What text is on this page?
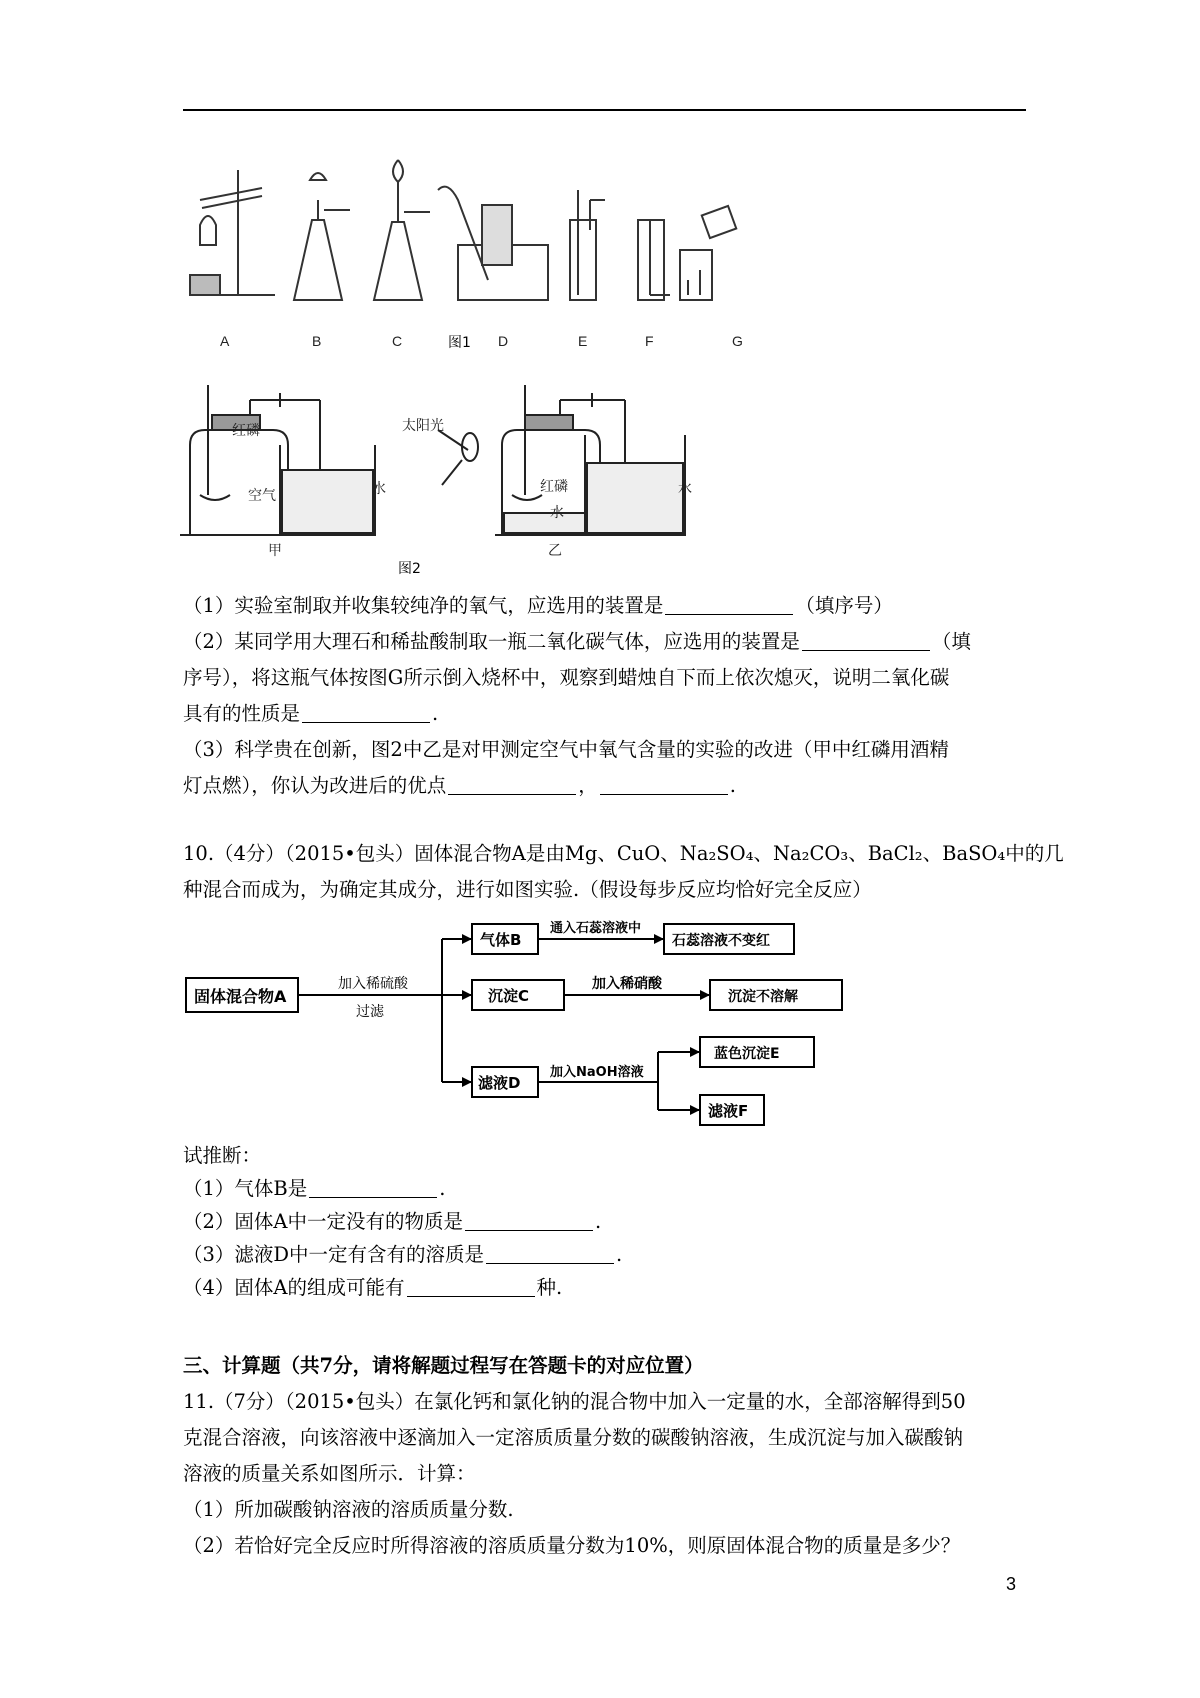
A	B	C	D	E	F	G
图1
红磷
空气	水
甲
太阳光
红磷
水
水
乙
图2
（1）实验室制取并收集较纯净的氧气，应选用的装置是	（填序号）
（2）某同学用大理石和稀盐酸制取一瓶二氧化碳气体，应选用的装置是	（填
序号），将这瓶气体按图G所示倒入烧杯中，观察到蜡烛自下而上依次熄灭，说明二氧化碳
具有的性质是	.
（3）科学贵在创新，图2中乙是对甲测定空气中氧气含量的实验的改进（甲中红磷用酒精
灯点燃），你认为改进后的优点	，	.
10.（4分）（2015•包头）固体混合物A是由Mg、CuO、Na₂SO₄、Na₂CO₃、BaCl₂、BaSO₄中的几
种混合而成为，为确定其成分，进行如图实验.（假设每步反应均恰好完全反应）
固体混合物A
加入稀硫酸
过滤
气体B
通入石蕊溶液中
石蕊溶液不变红
沉淀C
加入稀硝酸
沉淀不溶解
滤液D
加入NaOH溶液
蓝色沉淀E
滤液F
试推断：
（1）气体B是	.
（2）固体A中一定没有的物质是	.
（3）滤液D中一定有含有的溶质是	.
（4）固体A的组成可能有	种.
三、计算题（共7分，请将解题过程写在答题卡的对应位置）
11.（7分）（2015•包头）在氯化钙和氯化钠的混合物中加入一定量的水，全部溶解得到50
克混合溶液，向该溶液中逐滴加入一定溶质质量分数的碳酸钠溶液，生成沉淀与加入碳酸钠
溶液的质量关系如图所示．计算：
（1）所加碳酸钠溶液的溶质质量分数.
（2）若恰好完全反应时所得溶液的溶质质量分数为10%，则原固体混合物的质量是多少？
3
